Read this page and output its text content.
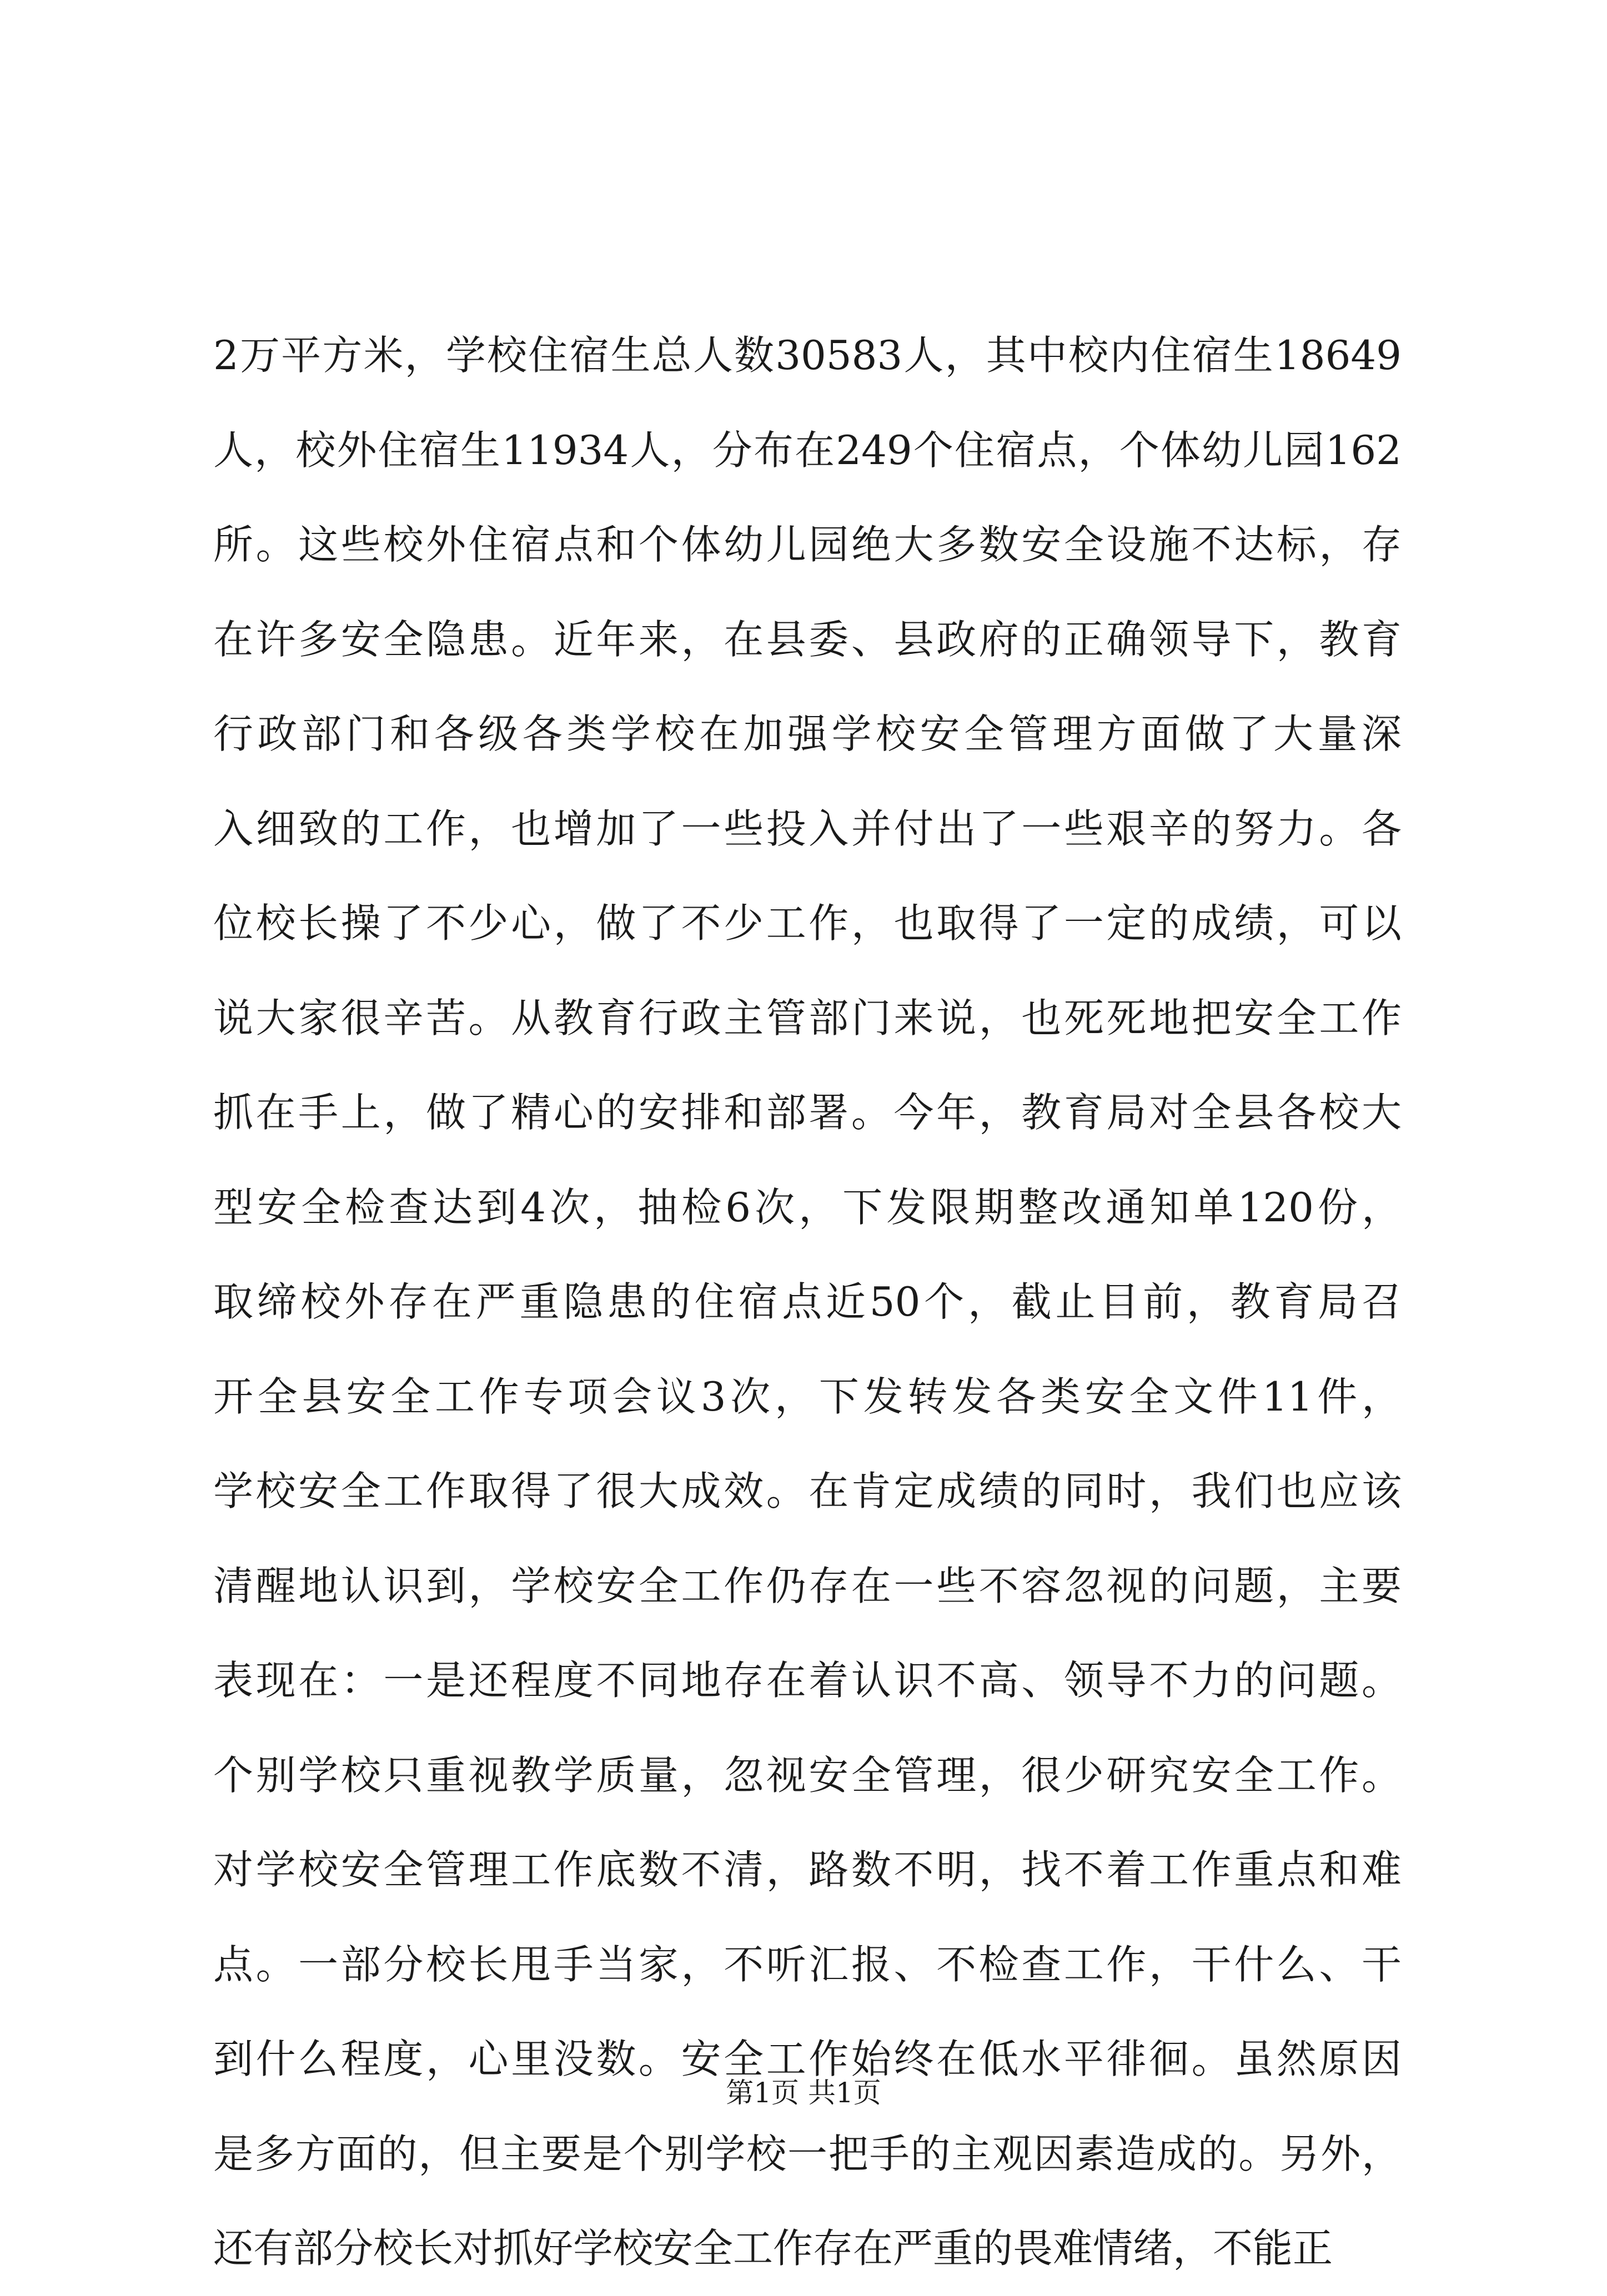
2万平方米，学校住宿生总人数30583人，其中校内住宿生18649
人，校外住宿生11934人，分布在249个住宿点，个体幼儿园162
所。这些校外住宿点和个体幼儿园绝大多数安全设施不达标，存
在许多安全隐患。近年来，在县委、县政府的正确领导下，教育
行政部门和各级各类学校在加强学校安全管理方面做了大量深
入细致的工作，也增加了一些投入并付出了一些艰辛的努力。各
位校长操了不少心，做了不少工作，也取得了一定的成绩，可以
说大家很辛苦。从教育行政主管部门来说，也死死地把安全工作
抓在手上，做了精心的安排和部署。今年，教育局对全县各校大
型安全检查达到4次，抽检6次，下发限期整改通知单120份，
取缔校外存在严重隐患的住宿点近50个，截止目前，教育局召
开全县安全工作专项会议3次，下发转发各类安全文件11件，
学校安全工作取得了很大成效。在肯定成绩的同时，我们也应该
清醒地认识到，学校安全工作仍存在一些不容忽视的问题，主要
表现在：一是还程度不同地存在着认识不高、领导不力的问题。
个别学校只重视教学质量，忽视安全管理，很少研究安全工作。
对学校安全管理工作底数不清，路数不明，找不着工作重点和难
点。一部分校长甩手当家，不听汇报、不检查工作，干什么、干
到什么程度，心里没数。安全工作始终在低水平徘徊。虽然原因
是多方面的，但主要是个别学校一把手的主观因素造成的。另外，
还有部分校长对抓好学校安全工作存在严重的畏难情绪，不能正
第1页 共1页
